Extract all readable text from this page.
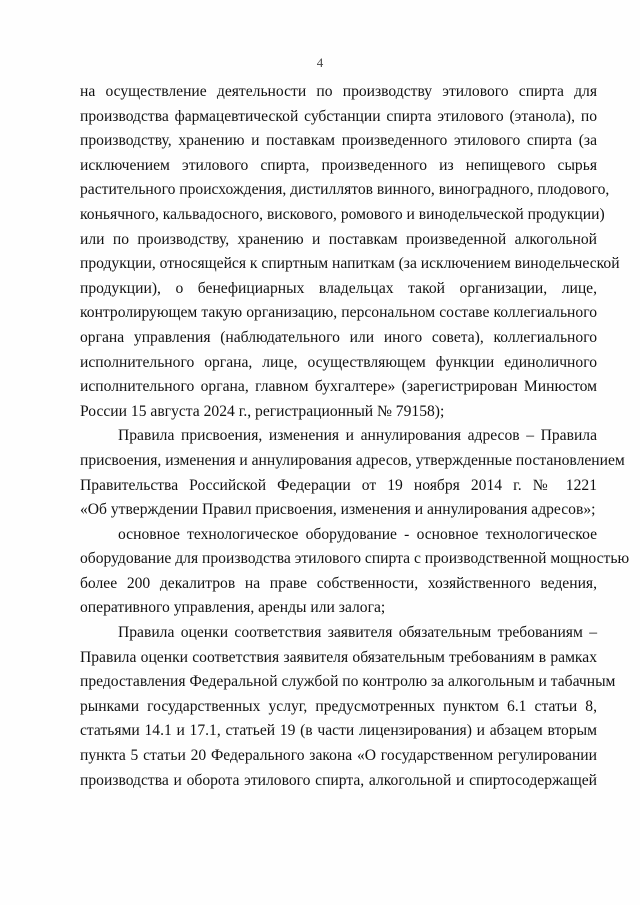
4
на осуществление деятельности по производству этилового спирта для
производства фармацевтической субстанции спирта этилового (этанола), по
производству, хранению и поставкам произведенного этилового спирта (за
исключением этилового спирта, произведенного из непищевого сырья
растительного происхождения, дистиллятов винного, виноградного, плодового,
коньячного, кальвадосного, вискового, ромового и винодельческой продукции)
или по производству, хранению и поставкам произведенной алкогольной
продукции, относящейся к спиртным напиткам (за исключением винодельческой
продукции), о бенефициарных владельцах такой организации, лице,
контролирующем такую организацию, персональном составе коллегиального
органа управления (наблюдательного или иного совета), коллегиального
исполнительного органа, лице, осуществляющем функции единоличного
исполнительного органа, главном бухгалтере» (зарегистрирован Минюстом
России 15 августа 2024 г., регистрационный № 79158);
Правила присвоения, изменения и аннулирования адресов – Правила
присвоения, изменения и аннулирования адресов, утвержденные постановлением
Правительства Российской Федерации от 19 ноября 2014 г. № 1221
«Об утверждении Правил присвоения, изменения и аннулирования адресов»;
основное технологическое оборудование - основное технологическое
оборудование для производства этилового спирта с производственной мощностью
более 200 декалитров на праве собственности, хозяйственного ведения,
оперативного управления, аренды или залога;
Правила оценки соответствия заявителя обязательным требованиям –
Правила оценки соответствия заявителя обязательным требованиям в рамках
предоставления Федеральной службой по контролю за алкогольным и табачным
рынками государственных услуг, предусмотренных пунктом 6.1 статьи 8,
статьями 14.1 и 17.1, статьей 19 (в части лицензирования) и абзацем вторым
пункта 5 статьи 20 Федерального закона «О государственном регулировании
производства и оборота этилового спирта, алкогольной и спиртосодержащей
